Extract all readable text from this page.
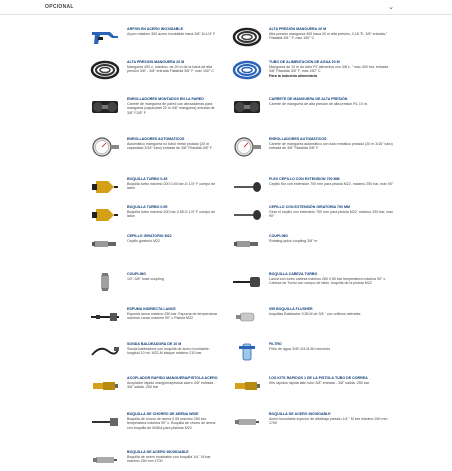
OPCIONAL	⌄
ARPON EN ACERO INOXIDABLE
Arpon máximo 300 acero inoxidable bana 3/8" M-1/4" F
ALTA PRESION MANGUERA 20 M
Manguera 400 c. máximo, de 20 m de la bana de alta presión 3/8" - 3/8" entrada Filastida 3/8" F, max 150° C
ENROLLADORES MONTADOS EN LA PARED
Carrete de manguera de pared con abrazaderas para manguera (capacidad 20 m 3/8" manguera) entrada de 3/8" F3/8" F
ENROLLADORES AUTOMATICOS
Automático manguera no tubol metal protado (20 m capacidad 3/16" tubo) entrada de 3/8" Filastida 3/8" F
BOQUILLA TURBO 0.45
Boquilla turbo máximo 200 0,45 bar-G 1/4" F cuerpo de latón
BOQUILLA TURBO 0.55
Boquilla turbo máximo 200 bar 0,55-G 1/4" F cuerpo de latón
CEPILLO GIRATORIO M22
Cepillo giratorio M22
COUPLING
1/2"-3/8" hose coupling
ESPUMA INDIRECTA LANCE
Espuma lanza máximo 250 bar. Espuma de temperatura máxima Lance máximo 90° c Pistola M22
SONDA BALDEADORA DE 10 M
Sonda baldeadora con boquilla de acero inoxidable. longitud 10 mt. M22-M ataque máximo 210 bar
ACOPLADOR RAPIDO MANGUERA/PISTOLA ACERO
Acoplador rápido manguera/pistola acero 3/8" entrada - 3/8" salida -250 bar
BOQUILLA DE CHORRO DE ARENA WIDE
Boquilla de chorro de arena 0,55 máximo 250 bar temperatura máxima 90° c. Boquilla de chorro de arena con boquilla de WIDIA para pistolas M22
BOQUILLA DE ACERO INOXIDABLE
Boquilla de acero inoxidable con boquilla 1/4 " M bar máximo 250 mm 1700
ALTA PRESIÓN MANGUERA 20 M
Alta presión manguera 400 bana 20 m alta presión, 0,18 "E, 3/8" entrada," Filastida 3/8 " F, max 150° C
TUBO DE ALIMENTACIÓN DE AGUA 20 M
Manguera de 10 m de tubo PZ alimentos con 3/8 c. " max 400 bar, entrada 3/8" Filastida 3/8" F, max 150° C
Para la industria alimentaria
CARRETE DE MANGUERA DE ALTA PRESIÓN
Carrete de manguera de alta presión de alta presión R1 10 m.
ENROLLADORES AUTOMATICOS
Carrete de manguera automático con tubo metálico protado (20 m 3/16" tubo) entrada de 3/8" Filastida 3/8" F
FLEX CEPILLO CON EXTENSION 700 MM
Cepillo flor con extensión 700 mm para pistola M22, máximo 250 bar, max 90°
CEPILLO CON EXTENSIÓN GIRATORIA 700 MM
Girar el cepillo con extensión 700 mm para pistola M22, máximo 250 bar, max 90°
COUPLING
Rotating quick coupling 3/8" m
BOQUILLA CABEZA TURBO
Lanza con turbo cabeza máximo 280 0,55 bar temperatura máxima 90° c. Cabeza de Turbo con cuerpo de latón, boquilla de la pistola M22
055 BOQUILLA FLUSHER
boquillas Baldeador 0,55 M de 3/8 " con orificios laterales
FILTRO
Filtro de agua 3/4F-3/4 M-80 micrones
LOS KITS RAPIDOS 1 DE LA PISTOLA TUBO DE CORREA
Kits rápidos rápida latin tubo 3/8" entrada - 3/8" salida -250 bar
BOQUILLA DE ACERO INOXIDABLE
Acero inoxidable inyector de alta/baja presión 1/4 " M bar máximo 250 mm 1700
